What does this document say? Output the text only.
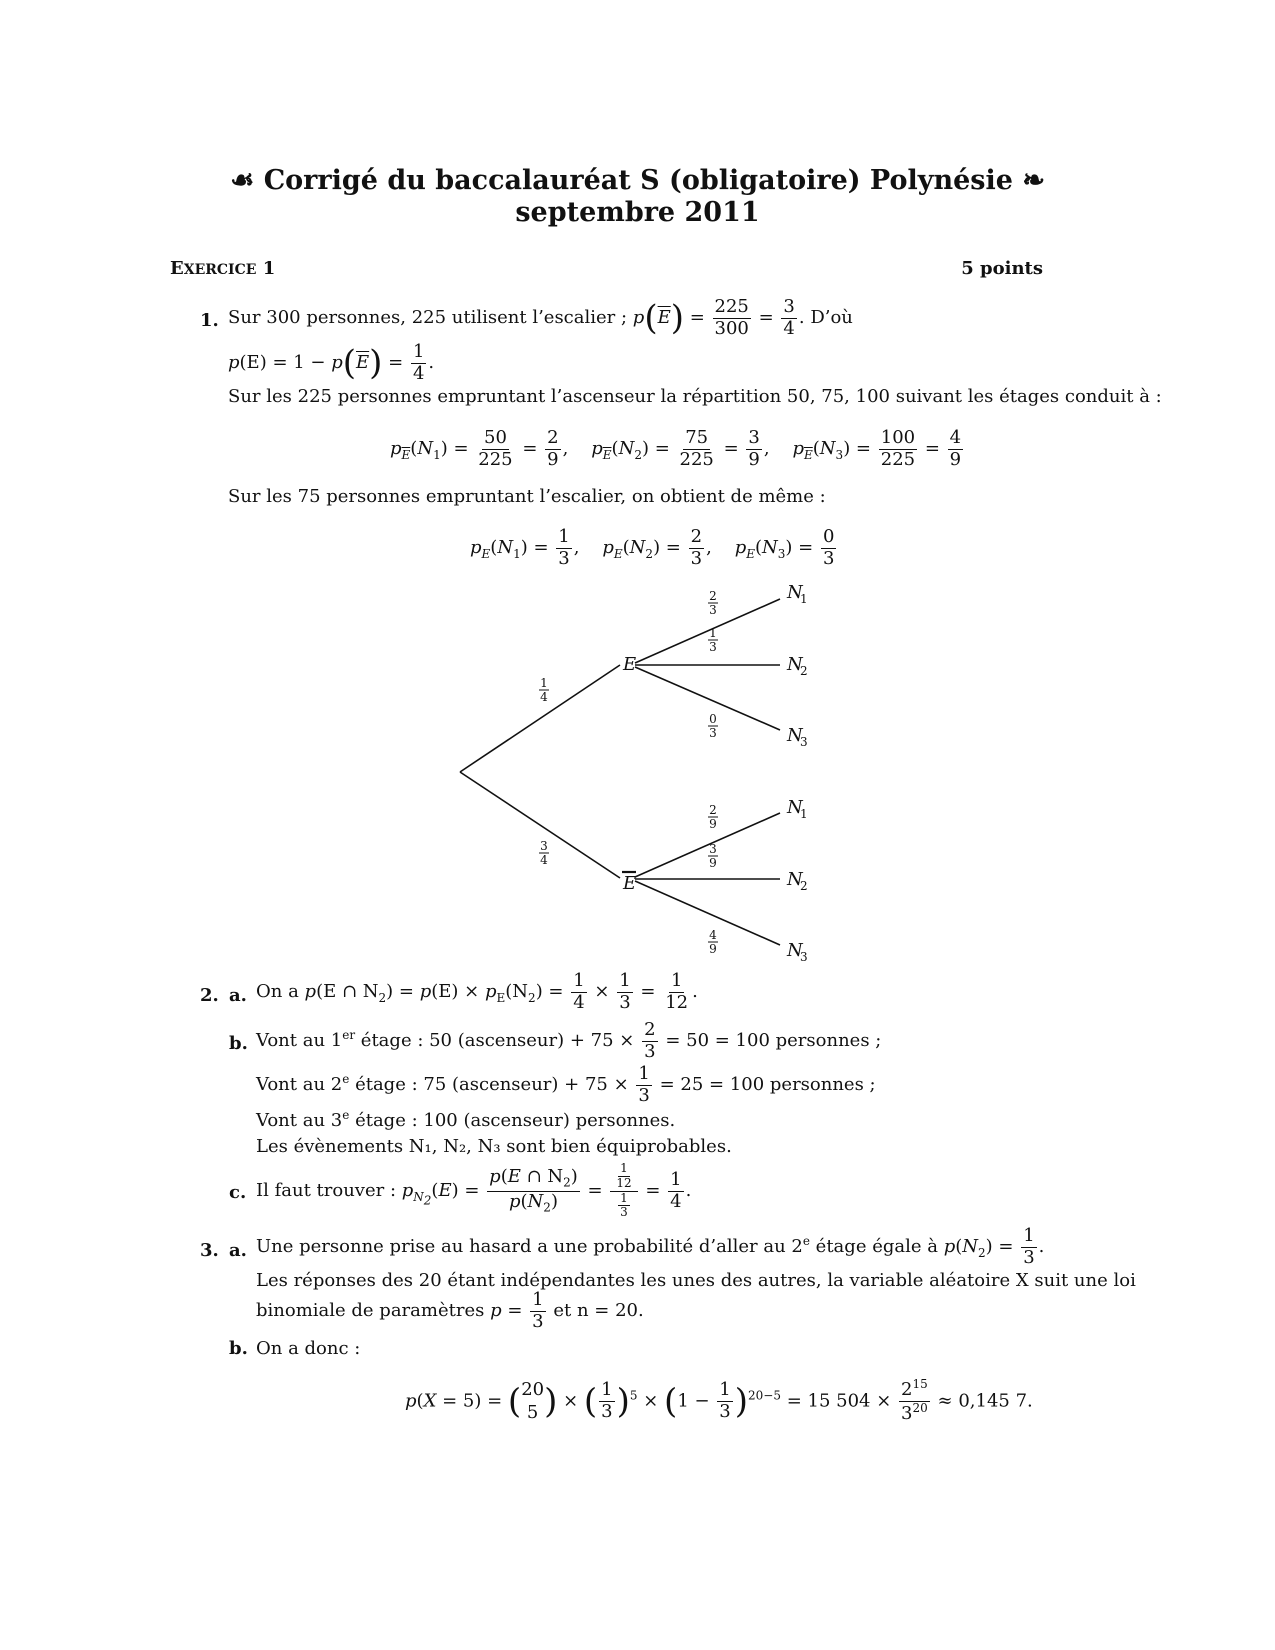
☙ Corrigé du baccalauréat S (obligatoire) Polynésie ❧
septembre 2011
EXERCICE 1	5 points
1. Sur 300 personnes, 225 utilisent l’escalier ; $p(\overline{E}) = \frac{225}{300} = \frac{3}{4}$ . D’où
$p(E) = 1 - p(\overline{E}) = \frac{1}{4}$ .
Sur les 225 personnes empruntant l’ascenseur la répartition 50, 75, 100 suivant les étages conduit à :
$p_{\overline{E}}(N_1) = \frac{50}{225} = \frac{2}{9}$ ,    $p_{\overline{E}}(N_2) = \frac{75}{225} = \frac{3}{9}$ ,    $p_{\overline{E}}(N_3) = \frac{100}{225} = \frac{4}{9}$
Sur les 75 personnes empruntant l’escalier, on obtient de même :
$p_E(N_1) = \frac{1}{3}$ ,    $p_E(N_2) = \frac{2}{3}$ ,    $p_E(N_3) = \frac{0}{3}$
E
E
N
1
N
2
N
3
N
1
N
2
N
3
1
4
3
4
2
3
1
3
0
3
2
9
3
9
4
9
2. a. On a p(E ∩ $N_2) = p(E) \times p_E(N_2) = \frac{1}{4} \times \frac{1}{3} = \frac{1}{12}$ .
b. Vont au 1er étage : 50 (ascenseur) + $75 \times \frac{2}{3} = 50 = 100$ personnes ;
Vont au 2e étage : 75 (ascenseur) + $75 \times \frac{1}{3} = 25 = 100$ personnes ;
Vont au 3e étage : 100 (ascenseur) personnes.
Les évènements N₁, N₂, N₃ sont bien équiprobables.
c. Il faut trouver : $p_{N_2}(E) = \frac{p(E \cap N_2)}{p(N_2)} = \frac{\frac{1}{12}}{\frac{1}{3}} = \frac{1}{4}$ .
3. a. Une personne prise au hasard a une probabilité d’aller au 2e étage égale à $p(N_2) = \frac{1}{3}$ .
Les réponses des 20 étant indépendantes les unes des autres, la variable aléatoire X suit une loi
binomiale de paramètres $p = \frac{1}{3}$ et n = 20.
b. On a donc :
p(X = 5) = ( 20
5 ) × ( $\frac{1}{3} )^5 \times (1 - \frac{1}{3} )^{20-5} = 15$ $504 \times \frac{2^{15}}{3^{20}} \approx 0,145$ 7.
